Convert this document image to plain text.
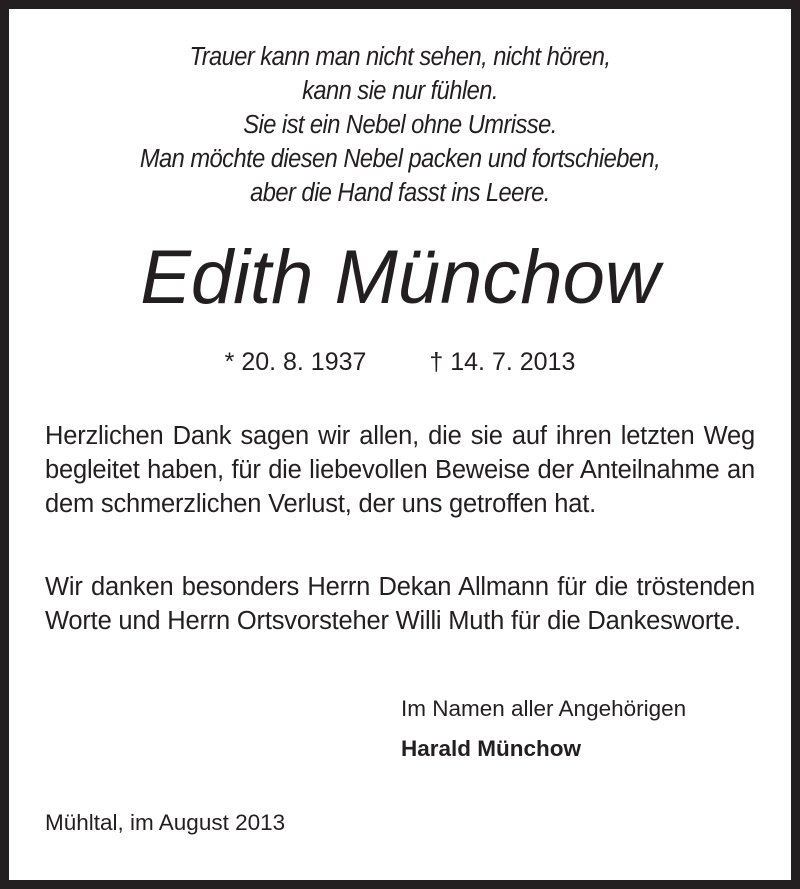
Trauer kann man nicht sehen, nicht hören,
kann sie nur fühlen.
Sie ist ein Nebel ohne Umrisse.
Man möchte diesen Nebel packen und fortschieben,
aber die Hand fasst ins Leere.
Edith Münchow
* 20. 8. 1937	† 14. 7. 2013
Herzlichen Dank sagen wir allen, die sie auf ihren letzten Weg begleitet haben, für die liebevollen Beweise der Anteilnahme an dem schmerzlichen Verlust, der uns getroffen hat.
Wir danken besonders Herrn Dekan Allmann für die tröstenden Worte und Herrn Ortsvorsteher Willi Muth für die Dankesworte.
Im Namen aller Angehörigen
Harald Münchow
Mühltal, im August 2013
